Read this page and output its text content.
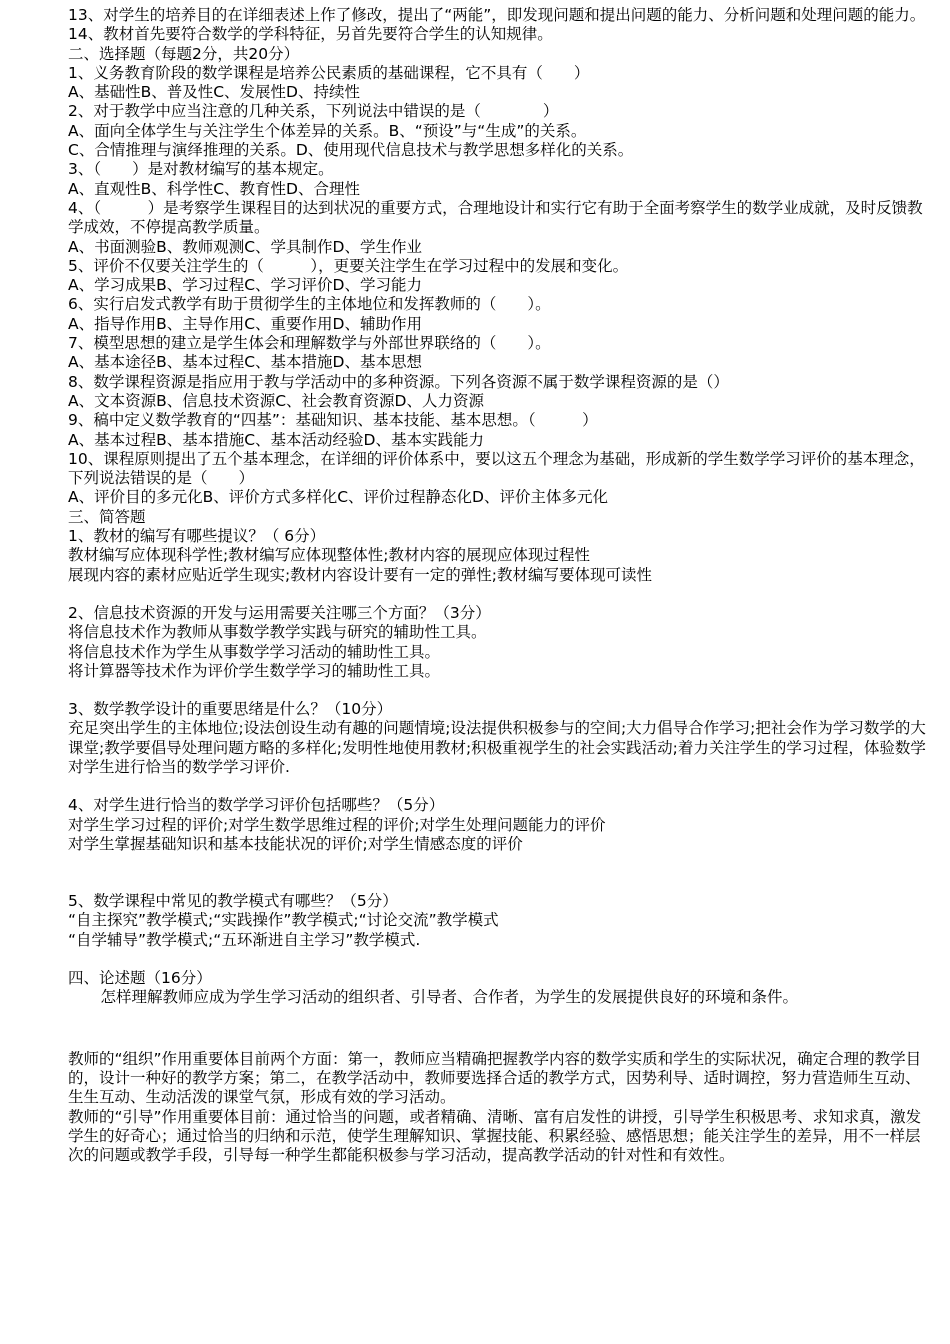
13、对学生的培养目的在详细表述上作了修改，提出了“两能”，即发现问题和提出问题的能力、分析问题和处理问题的能力。
14、教材首先要符合数学的学科特征，另首先要符合学生的认知规律。
二、选择题（每题2分，共20分）
1、义务教育阶段的数学课程是培养公民素质的基础课程，它不具有（　　）
A、基础性B、普及性C、发展性D、持续性
2、对于教学中应当注意的几种关系，下列说法中错误的是（　　　　）
A、面向全体学生与关注学生个体差异的关系。B、“预设”与“生成”的关系。
C、合情推理与演绎推理的关系。D、使用现代信息技术与教学思想多样化的关系。
3、（　　）是对教材编写的基本规定。
A、直观性B、科学性C、教育性D、合理性
4、（　　　）是考察学生课程目的达到状况的重要方式，合理地设计和实行它有助于全面考察学生的数学业成就，及时反馈教学成效，不停提高教学质量。
A、书面测验B、教师观测C、学具制作D、学生作业
5、评价不仅要关注学生的（　　　），更要关注学生在学习过程中的发展和变化。
A、学习成果B、学习过程C、学习评价D、学习能力
6、实行启发式教学有助于贯彻学生的主体地位和发挥教师的（　　）。
A、指导作用B、主导作用C、重要作用D、辅助作用
7、模型思想的建立是学生体会和理解数学与外部世界联络的（　　）。
A、基本途径B、基本过程C、基本措施D、基本思想
8、数学课程资源是指应用于教与学活动中的多种资源。下列各资源不属于数学课程资源的是（）
A、文本资源B、信息技术资源C、社会教育资源D、人力资源
9、稿中定义数学教育的“四基”：基础知识、基本技能、基本思想。（　　　）
A、基本过程B、基本措施C、基本活动经验D、基本实践能力
10、课程原则提出了五个基本理念，在详细的评价体系中，要以这五个理念为基础，形成新的学生数学学习评价的基本理念，下列说法错误的是（　　）
A、评价目的多元化B、评价方式多样化C、评价过程静态化D、评价主体多元化
三、简答题
1、教材的编写有哪些提议？（ 6分）
教材编写应体现科学性;教材编写应体现整体性;教材内容的展现应体现过程性
展现内容的素材应贴近学生现实;教材内容设计要有一定的弹性;教材编写要体现可读性
2、信息技术资源的开发与运用需要关注哪三个方面？（3分）
将信息技术作为教师从事数学教学实践与研究的辅助性工具。
将信息技术作为学生从事数学学习活动的辅助性工具。
将计算器等技术作为评价学生数学学习的辅助性工具。
3、数学教学设计的重要思绪是什么？（10分）
充足突出学生的主体地位;设法创设生动有趣的问题情境;设法提供积极参与的空间;大力倡导合作学习;把社会作为学习数学的大课堂;教学要倡导处理问题方略的多样化;发明性地使用教材;积极重视学生的社会实践活动;着力关注学生的学习过程，体验数学对学生进行恰当的数学学习评价.
4、对学生进行恰当的数学学习评价包括哪些？（5分）
对学生学习过程的评价;对学生数学思维过程的评价;对学生处理问题能力的评价
对学生掌握基础知识和基本技能状况的评价;对学生情感态度的评价
5、数学课程中常见的教学模式有哪些？（5分）
“自主探究”教学模式;“实践操作”教学模式;“讨论交流”教学模式
“自学辅导”教学模式;“五环渐进自主学习”教学模式.
四、论述题（16分）
怎样理解教师应成为学生学习活动的组织者、引导者、合作者，为学生的发展提供良好的环境和条件。
教师的“组织”作用重要体目前两个方面：第一，教师应当精确把握教学内容的数学实质和学生的实际状况，确定合理的教学目的，设计一种好的教学方案；第二，在教学活动中，教师要选择合适的教学方式，因势利导、适时调控，努力营造师生互动、生生互动、生动活泼的课堂气氛，形成有效的学习活动。
教师的“引导”作用重要体目前：通过恰当的问题，或者精确、清晰、富有启发性的讲授，引导学生积极思考、求知求真，激发学生的好奇心；通过恰当的归纳和示范，使学生理解知识、掌握技能、积累经验、感悟思想；能关注学生的差异，用不一样层次的问题或教学手段，引导每一种学生都能积极参与学习活动，提高教学活动的针对性和有效性。
